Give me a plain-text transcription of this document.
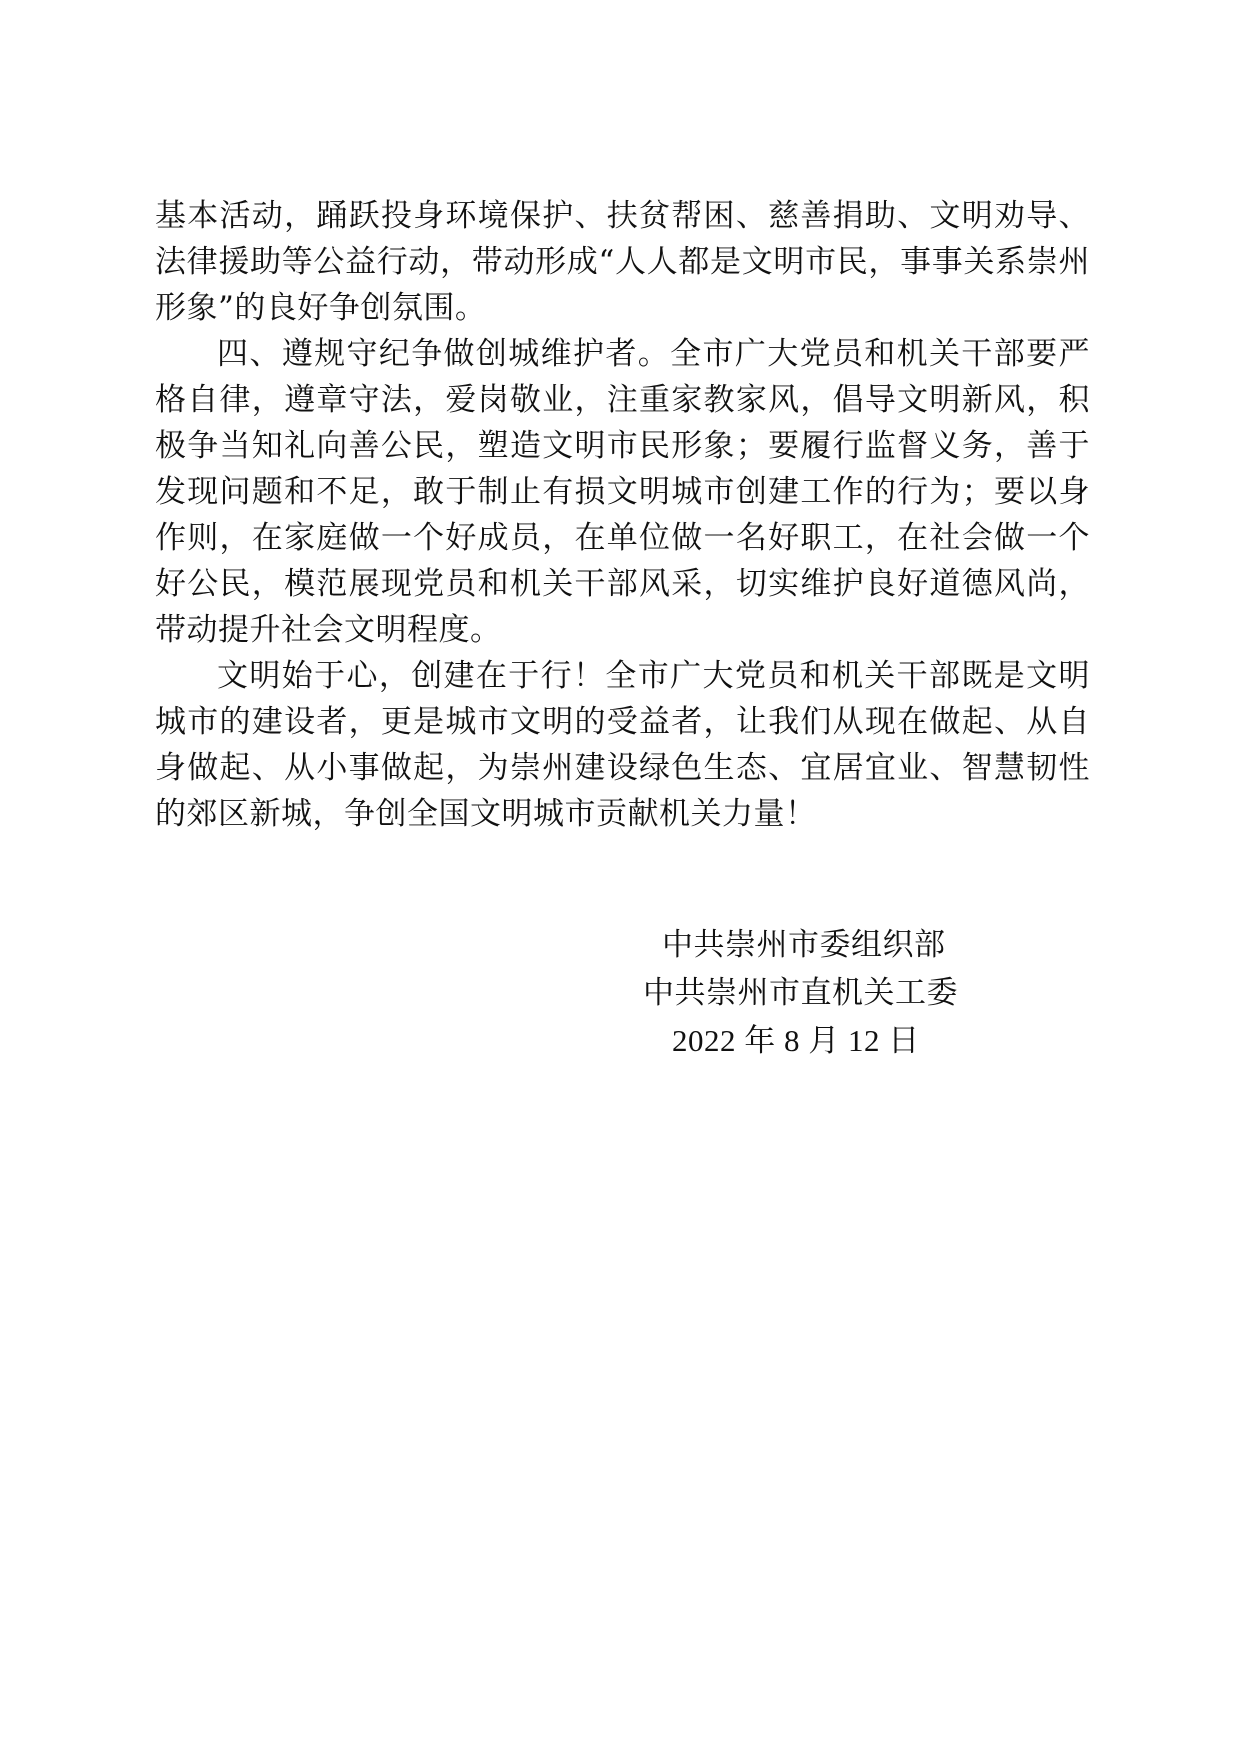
基本活动，踊跃投身环境保护、扶贫帮困、慈善捐助、文明劝导、法律援助等公益行动，带动形成“人人都是文明市民，事事关系崇州形象”的良好争创氛围。

四、遵规守纪争做创城维护者。全市广大党员和机关干部要严格自律，遵章守法，爱岗敬业，注重家教家风，倡导文明新风，积极争当知礼向善公民，塑造文明市民形象；要履行监督义务，善于发现问题和不足，敢于制止有损文明城市创建工作的行为；要以身作则，在家庭做一个好成员，在单位做一名好职工，在社会做一个好公民，模范展现党员和机关干部风采，切实维护良好道德风尚，带动提升社会文明程度。

文明始于心，创建在于行！全市广大党员和机关干部既是文明城市的建设者，更是城市文明的受益者，让我们从现在做起、从自身做起、从小事做起，为崇州建设绿色生态、宜居宜业、智慧韧性的郊区新城，争创全国文明城市贡献机关力量！

中共崇州市委组织部
中共崇州市直机关工委
2022 年 8 月 12 日
